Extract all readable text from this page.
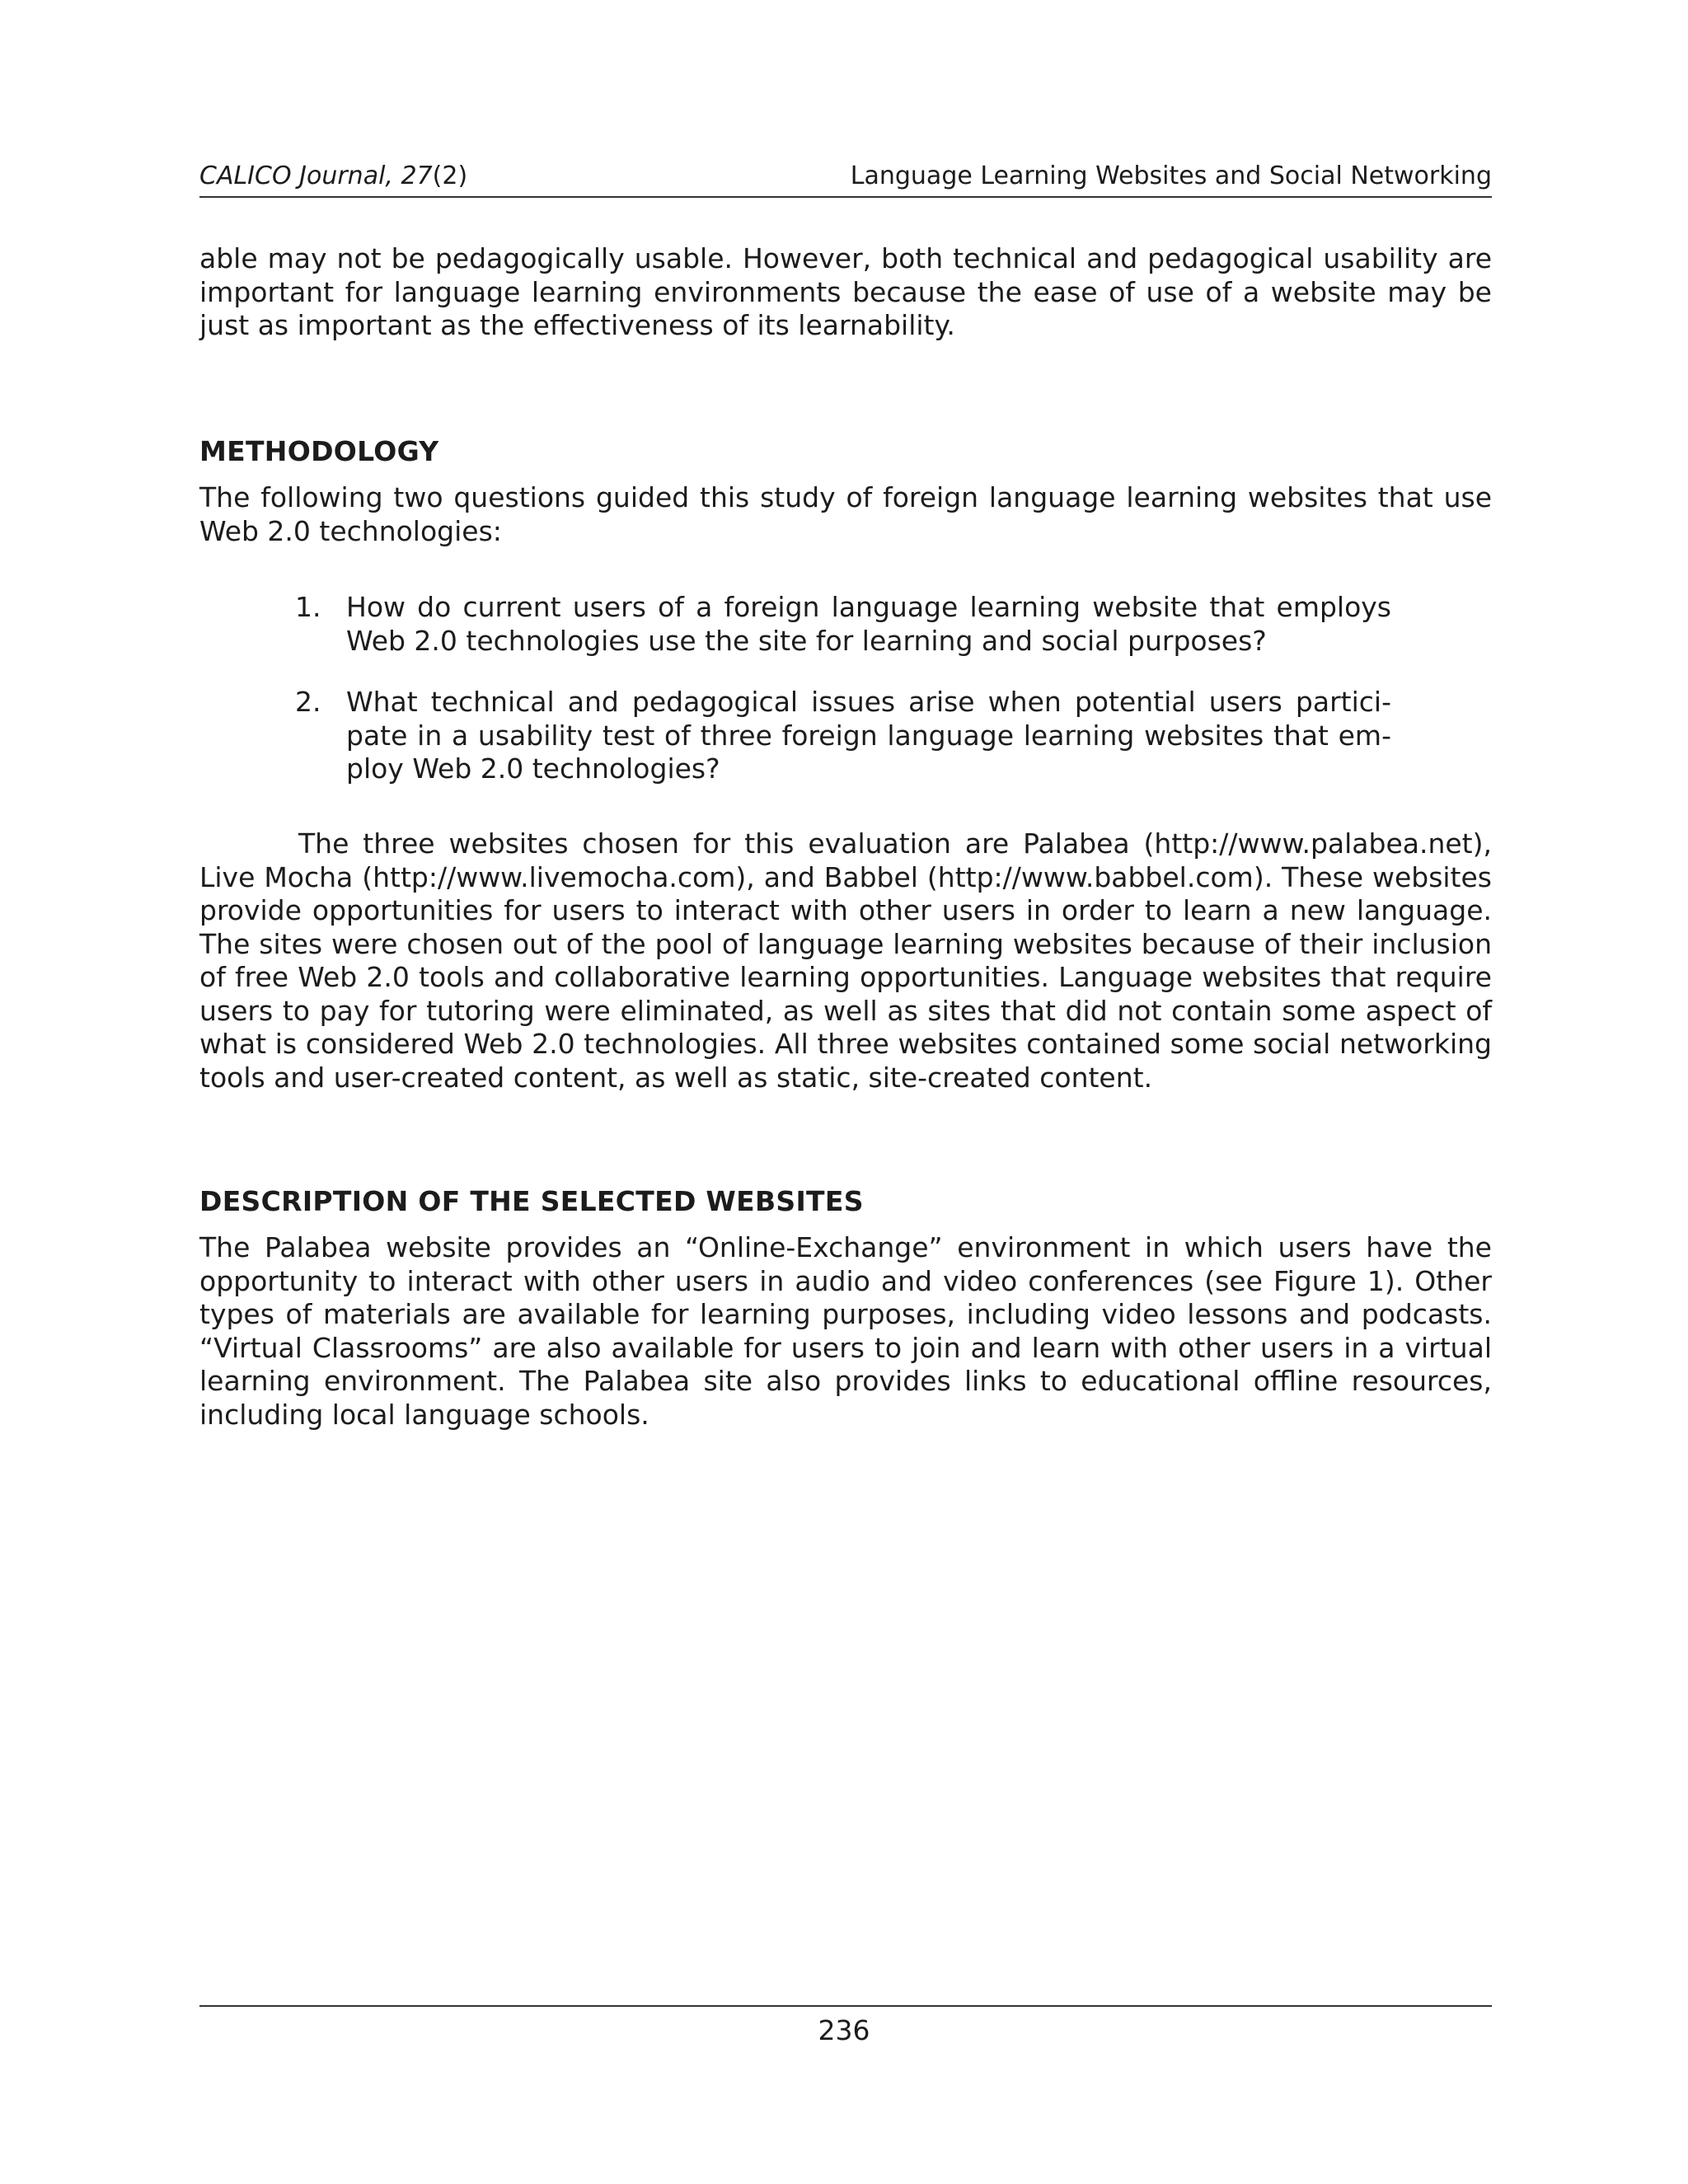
CALICO Journal, 27(2)	Language Learning Websites and Social Networking

able may not be pedagogically usable. However, both technical and pedagogical usability are important for language learning environments because the ease of use of a website may be just as important as the effectiveness of its learnability.

METHODOLOGY

The following two questions guided this study of foreign language learning websites that use Web 2.0 technologies:

1. How do current users of a foreign language learning website that employs Web 2.0 technologies use the site for learning and social purposes?
2. What technical and pedagogical issues arise when potential users participate in a usability test of three foreign language learning websites that employ Web 2.0 technologies?

The three websites chosen for this evaluation are Palabea (http://www.palabea.net), Live Mocha (http://www.livemocha.com), and Babbel (http://www.babbel.com). These websites provide opportunities for users to interact with other users in order to learn a new language. The sites were chosen out of the pool of language learning websites because of their inclusion of free Web 2.0 tools and collaborative learning opportunities. Language websites that require users to pay for tutoring were eliminated, as well as sites that did not contain some aspect of what is considered Web 2.0 technologies. All three websites contained some social networking tools and user-created content, as well as static, site-created content.

DESCRIPTION OF THE SELECTED WEBSITES

The Palabea website provides an “Online-Exchange” environment in which users have the opportunity to interact with other users in audio and video conferences (see Figure 1). Other types of materials are available for learning purposes, including video lessons and podcasts. “Virtual Classrooms” are also available for users to join and learn with other users in a virtual learning environment. The Palabea site also provides links to educational offline resources, including local language schools.

236
